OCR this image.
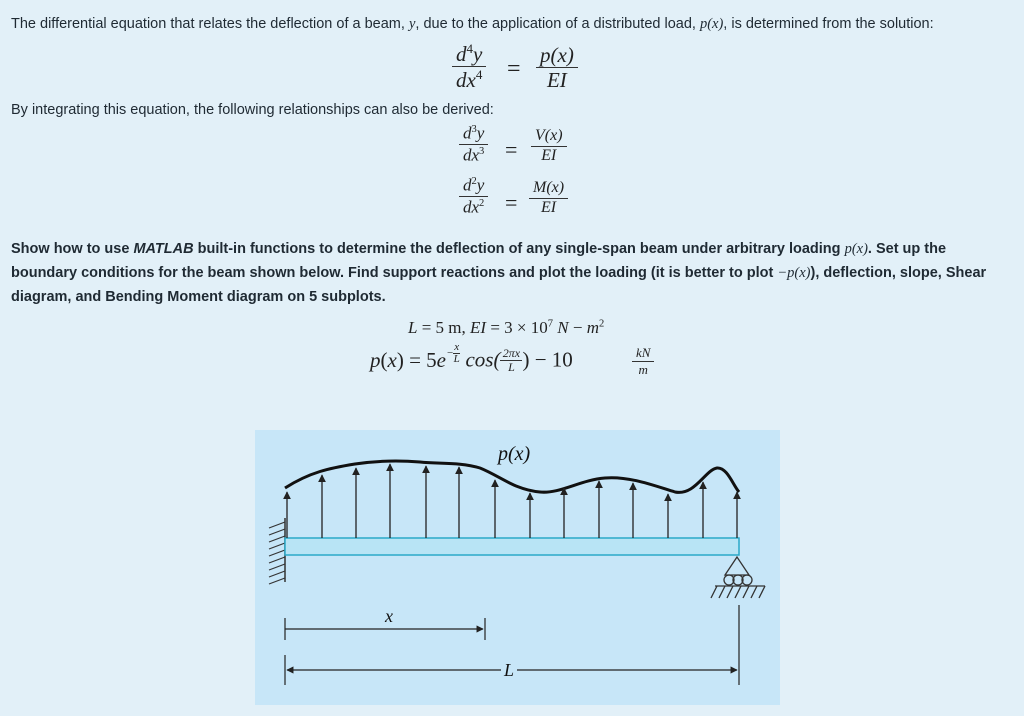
The differential equation that relates the deflection of a beam, y, due to the application of a distributed load, p(x), is determined from the solution:
$d^4y$
$dx^4$ =
p(x)
EI
By integrating this equation, the following relationships can also be derived:
$d^3y$
$dx^3$ =
V(x)
EI
$d^2y$
$dx^2$ =
M(x)
EI
Show how to use MATLAB built-in functions to determine the deflection of any single-span beam under arbitrary loading p(x). Set up the boundary conditions for the beam shown below. Find support reactions and plot the loading (it is better to plot −p(x)), deflection, slope, Shear diagram, and Bending Moment diagram on 5 subplots.
L = 5 m, EI = $3 \times 10^7$ $N - m^2$
$p(x) = 5e- \frac{x}{L} \cos( \frac{2\pi x}{L}$ ) − 10	kN
m
p(x)
x
L
